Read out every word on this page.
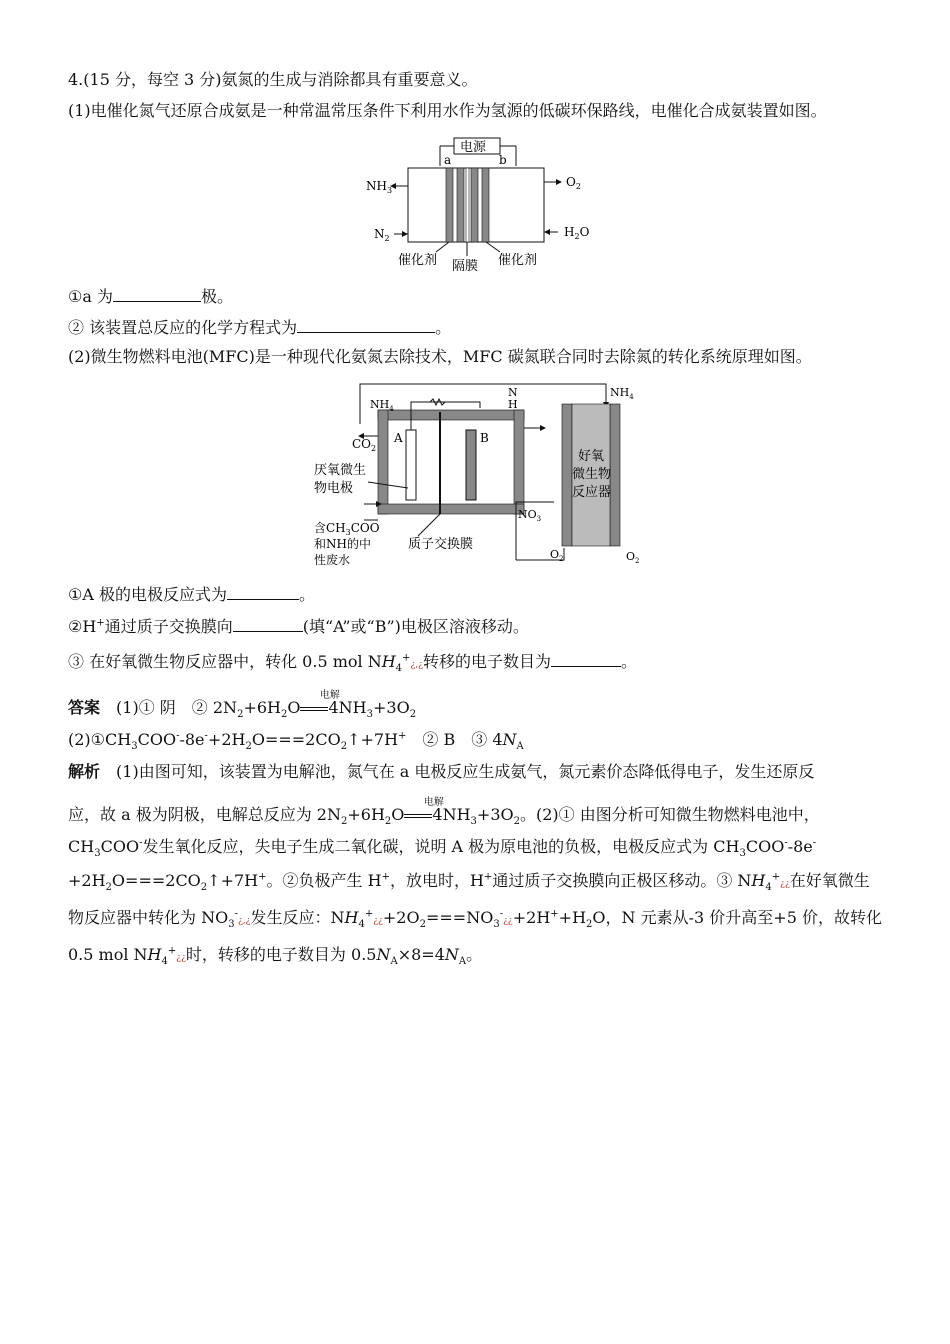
4.(15 分，每空 3 分)氨氮的生成与消除都具有重要意义。
(1)电催化氮气还原合成氨是一种常温常压条件下利用水作为氢源的低碳环保路线，电催化合成氨装置如图。
电源
a	b
$NH_3$
$N_2$
$O_2$
$H_2O$
催化剂 隔膜 催化剂
①a 为	极。
② 该装置总反应的化学方程式为	。
(2)微生物燃料电池(MFC)是一种现代化氨氮去除技术，MFC 碳氮联合同时去除氮的转化系统原理如图。
$NH_4$
$NH_4$
N
H
$CO_2$
A	B
厌氧微生
物电极
含$CH_3COO$
和NH的中
性废水
质子交换膜
$NO_3$
好氧
微生物
反应器
$O_2$	$O_2$
①A 极的电极反应式为	。
②H+通过质子交换膜向	(填“A”或“B”)电极区溶液移动。
③ 在好氧微生物反应器中，转化 0.5 mol $NH_4^+¿,¿$转移的电子数目为	。
答案　 (1)① 阴　② $2N_2+6H_2O$
电解
$4NH_3+3O_2$
$(2)①CH_3COO^--8e^-+2H_2O===2CO_2↑+7H^+$　② B　③ $4N_A$
解析　 (1)由图可知，该装置为电解池，氮气在 a 电极反应生成氨气，氮元素价态降低得电子，发生还原反
应，故 a 极为阴极，电解总反应为 $2N_2+6H_2O$
电解
$4NH_3+3O_2$。(2)① 由图分析可知微生物燃料电池中，
$CH_3COO^-$发生氧化反应，失电子生成二氧化碳，说明 A 极为原电池的负极，电极反应式为 $CH_3COO^--8e^-$
$+2H_2O===2CO_2↑+7H^+$。②负极产生 H+，放电时，H+通过质子交换膜向正极区移动。③ $NH_4^+¿¿$在好氧微生
物反应器中转化为 $NO_3^-¿,¿$发生反应：$NH_4^+¿¿+2O_2===NO_3^-¿¿+2H^++H_2O$，N 元素从-3 价升高至+5 价，故转化
0.5 mol $NH_4^+¿¿$时，转移的电子数目为 $0.5N_A\times 8=4N_A$。
